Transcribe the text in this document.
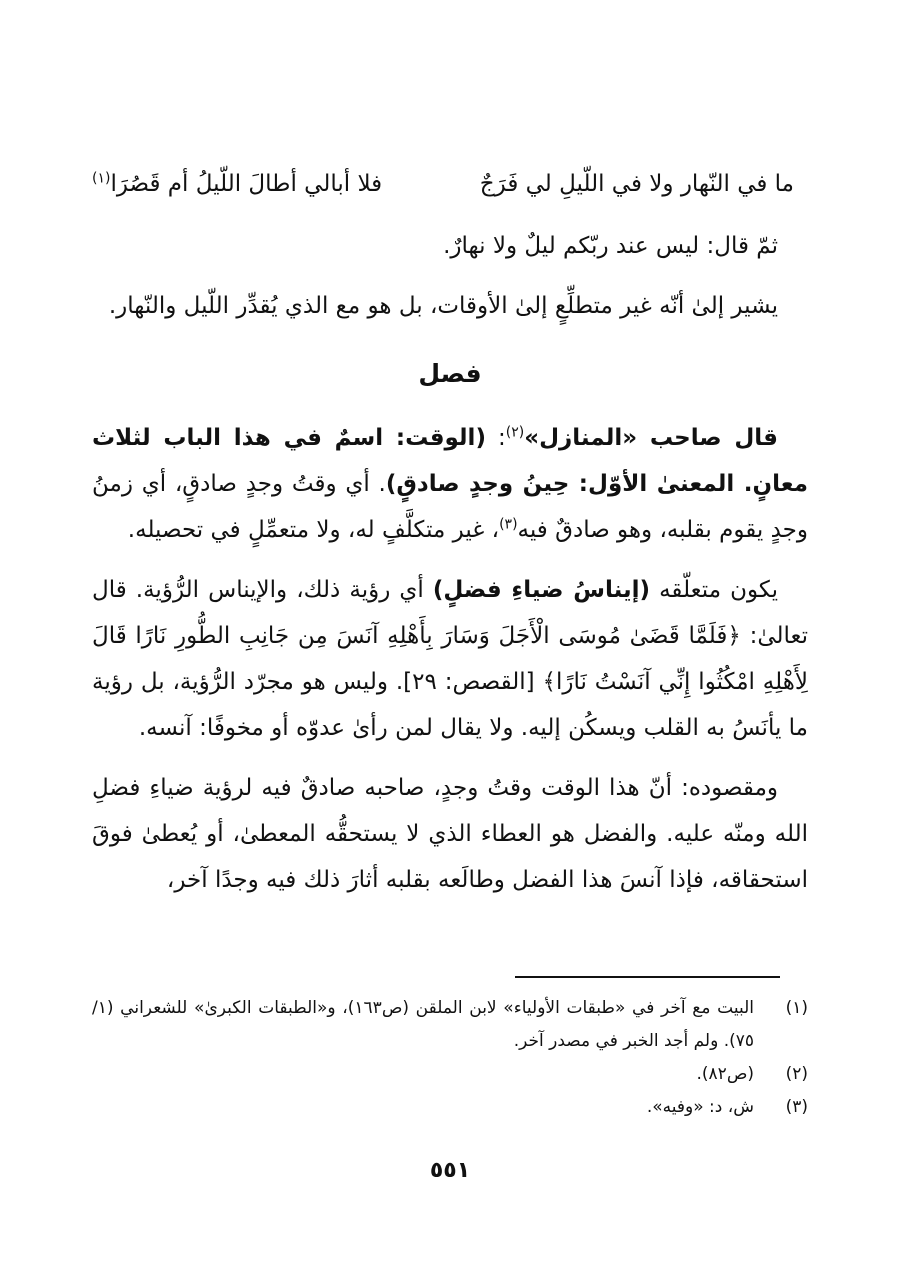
ما في النّهار ولا في اللّيلِ لي فَرَجٌ
فلا أبالي أطالَ اللّيلُ أم قَصُرَا$^{(١)}$

ثمّ قال: ليس عند ربّكم ليلٌ ولا نهارٌ.

يشير إلىٰ أنّه غير متطلِّعٍ إلىٰ الأوقات، بل هو مع الذي يُقدِّر اللّيل والنّهار.

فصل

قال صاحب «المنازل»$^{(٢)}$: (الوقت: اسمٌ في هذا الباب لثلاث معانٍ. المعنىٰ الأوّل: حِينُ وجدٍ صادقٍ). أي وقتُ وجدٍ صادقٍ، أي زمنُ وجدٍ يقوم بقلبه، وهو صادقٌ فيه$^{(٣)}$، غير متكلَّفٍ له، ولا متعمِّلٍ في تحصيله.

يكون متعلّقه (إيناسُ ضياءِ فضلٍ) أي رؤية ذلك، والإيناس الرُّؤية. قال تعالىٰ: ﴿فَلَمَّا قَضَىٰ مُوسَى الْأَجَلَ وَسَارَ بِأَهْلِهِ آنَسَ مِن جَانِبِ الطُّورِ نَارًا قَالَ لِأَهْلِهِ امْكُثُوا إِنِّي آنَسْتُ نَارًا﴾ [القصص: ٢٩]. وليس هو مجرّد الرُّؤية، بل رؤية ما يأنَسُ به القلب ويسكُن إليه. ولا يقال لمن رأىٰ عدوّه أو مخوفًا: آنسه.

ومقصوده: أنّ هذا الوقت وقتُ وجدٍ، صاحبه صادقٌ فيه لرؤية ضياءِ فضلِ الله ومنّه عليه. والفضل هو العطاء الذي لا يستحقُّه المعطىٰ، أو يُعطىٰ فوقَ استحقاقه، فإذا آنسَ هذا الفضل وطالَعه بقلبه أثارَ ذلك فيه وجدًا آخر،

(١)
البيت مع آخر في «طبقات الأولياء» لابن الملقن (ص١٦٣)، و«الطبقات الكبرىٰ» للشعراني (١/ ٧٥). ولم أجد الخبر في مصدر آخر.
(٢)
(ص٨٢).
(٣)
ش، د: «وفيه».
٥٥١
